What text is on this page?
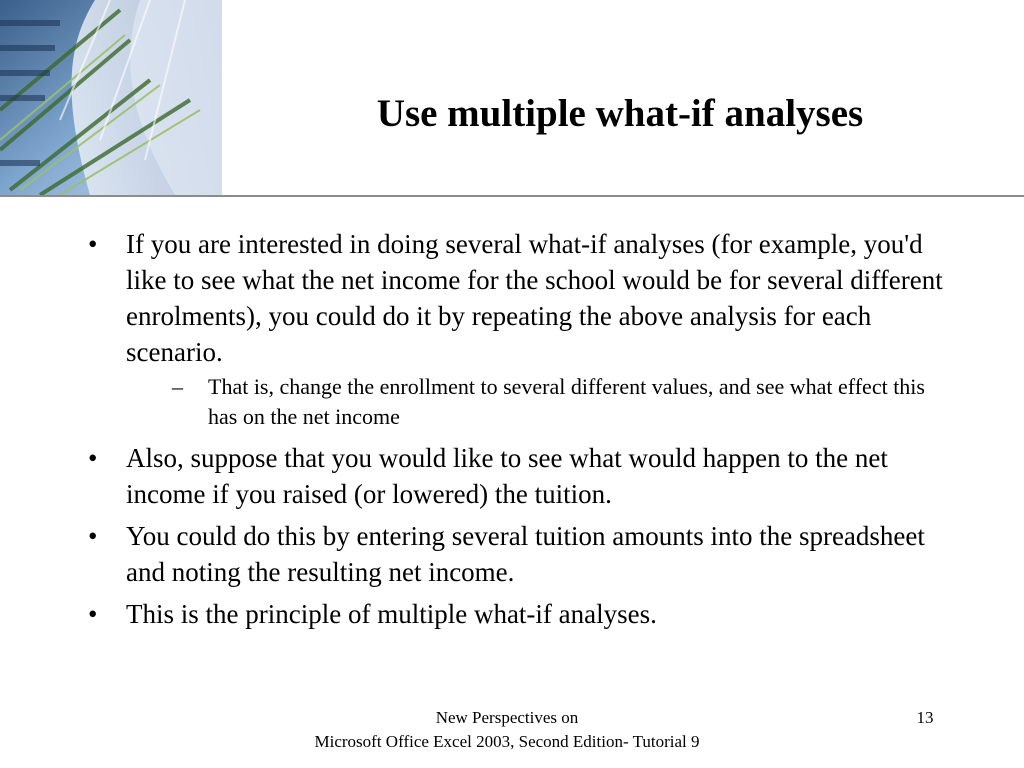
Use multiple what-if analyses
•	If you are interested in doing several what-if analyses (for example, you'd like to see what the net income for the school would be for several different enrolments), you could do it by repeating the above analysis for each scenario.
–	That is, change the enrollment to several different values, and see what effect this has on the net income
•	Also, suppose that you would like to see what would happen to the net income if you raised (or lowered) the tuition.
•	You could do this by entering several tuition amounts into the spreadsheet and noting the resulting net income.
•	This is the principle of multiple what-if analyses.
New Perspectives on
Microsoft Office Excel 2003, Second Edition- Tutorial 9
13
